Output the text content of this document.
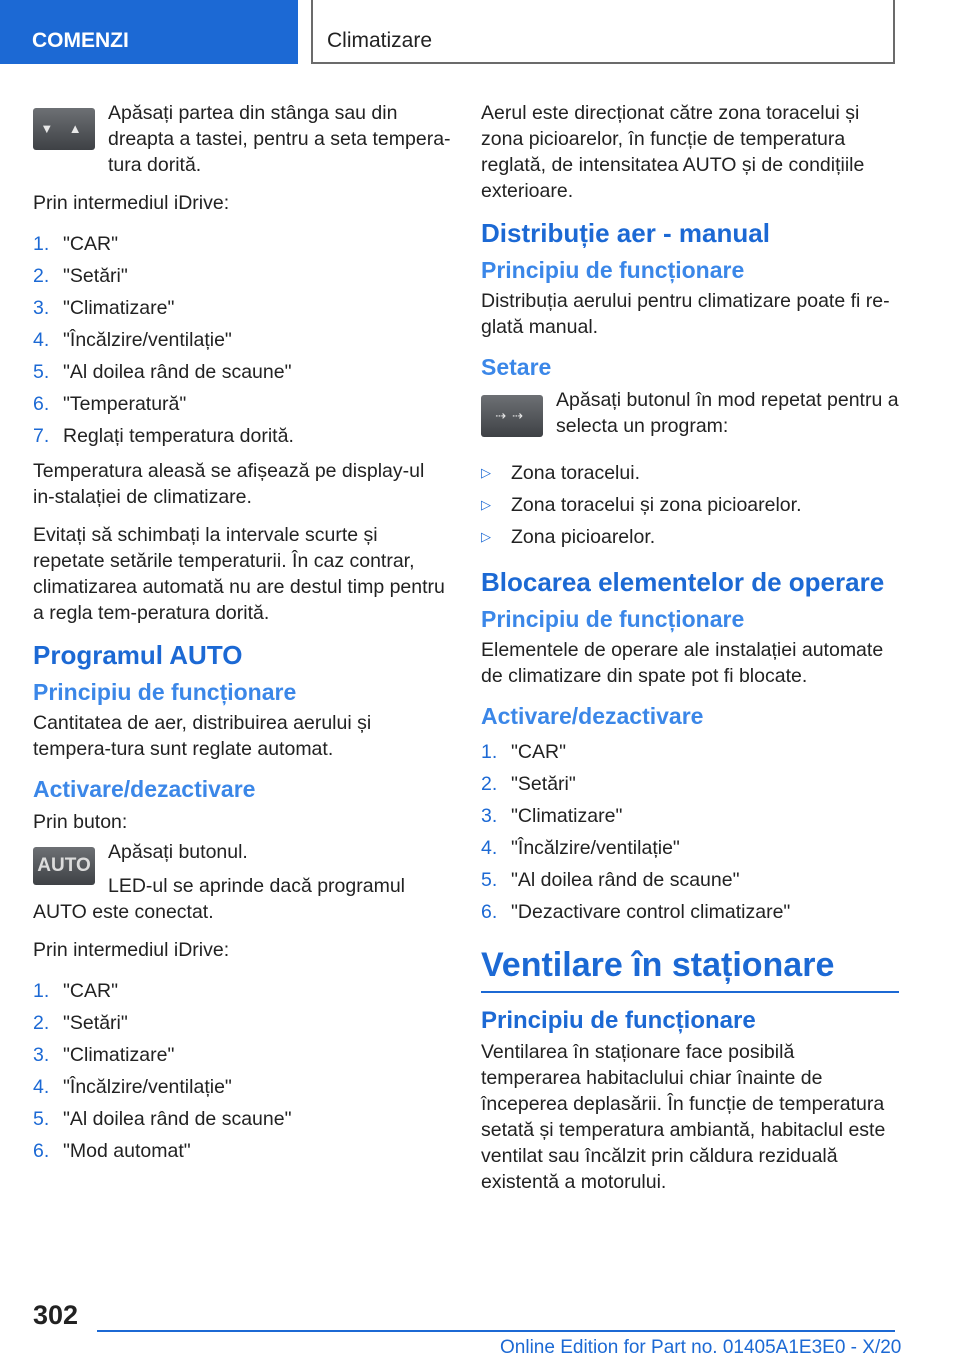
COMENZI	Climatizare

▼ ▲
Apăsați partea din stânga sau din dreapta a tastei, pentru a seta tempera-tura dorită.

Prin intermediul iDrive:

1. "CAR"
2. "Setări"
3. "Climatizare"
4. "Încălzire/ventilație"
5. "Al doilea rând de scaune"
6. "Temperatură"
7. Reglați temperatura dorită.

Temperatura aleasă se afișează pe display-ul in-stalației de climatizare.

Evitați să schimbați la intervale scurte și repetate setările temperaturii. În caz contrar, climatizarea automată nu are destul timp pentru a regla tem-peratura dorită.

Programul AUTO
Principiu de funcționare

Cantitatea de aer, distribuirea aerului și tempera-tura sunt reglate automat.

Activare/dezactivare

Prin buton:

AUTO

Apăsați butonul.

LED-ul se aprinde dacă programul AUTO este conectat.

Prin intermediul iDrive:

1. "CAR"
2. "Setări"
3. "Climatizare"
4. "Încălzire/ventilație"
5. "Al doilea rând de scaune"
6. "Mod automat"

Aerul este direcționat către zona toracelui și zona picioarelor, în funcție de temperatura reglată, de intensitatea AUTO și de condițiile exterioare.

Distribuție aer - manual
Principiu de funcționare

Distribuția aerului pentru climatizare poate fi re-glată manual.

Setare

⇢⇢
Apăsați butonul în mod repetat pentru a selecta un program:

▷ Zona toracelui.
▷ Zona toracelui și zona picioarelor.
▷ Zona picioarelor.
Blocarea elementelor de operare
Principiu de funcționare

Elementele de operare ale instalației automate de climatizare din spate pot fi blocate.

Activare/dezactivare
1. "CAR"
2. "Setări"
3. "Climatizare"
4. "Încălzire/ventilație"
5. "Al doilea rând de scaune"
6. "Dezactivare control climatizare"
Ventilare în staționare
Principiu de funcționare

Ventilarea în staționare face posibilă temperarea habitaclului chiar înainte de începerea deplasării. În funcție de temperatura setată și temperatura ambiantă, habitaclul este ventilat sau încălzit prin căldura reziduală existentă a motorului.

302
Online Edition for Part no. 01405A1E3E0 - X/20
